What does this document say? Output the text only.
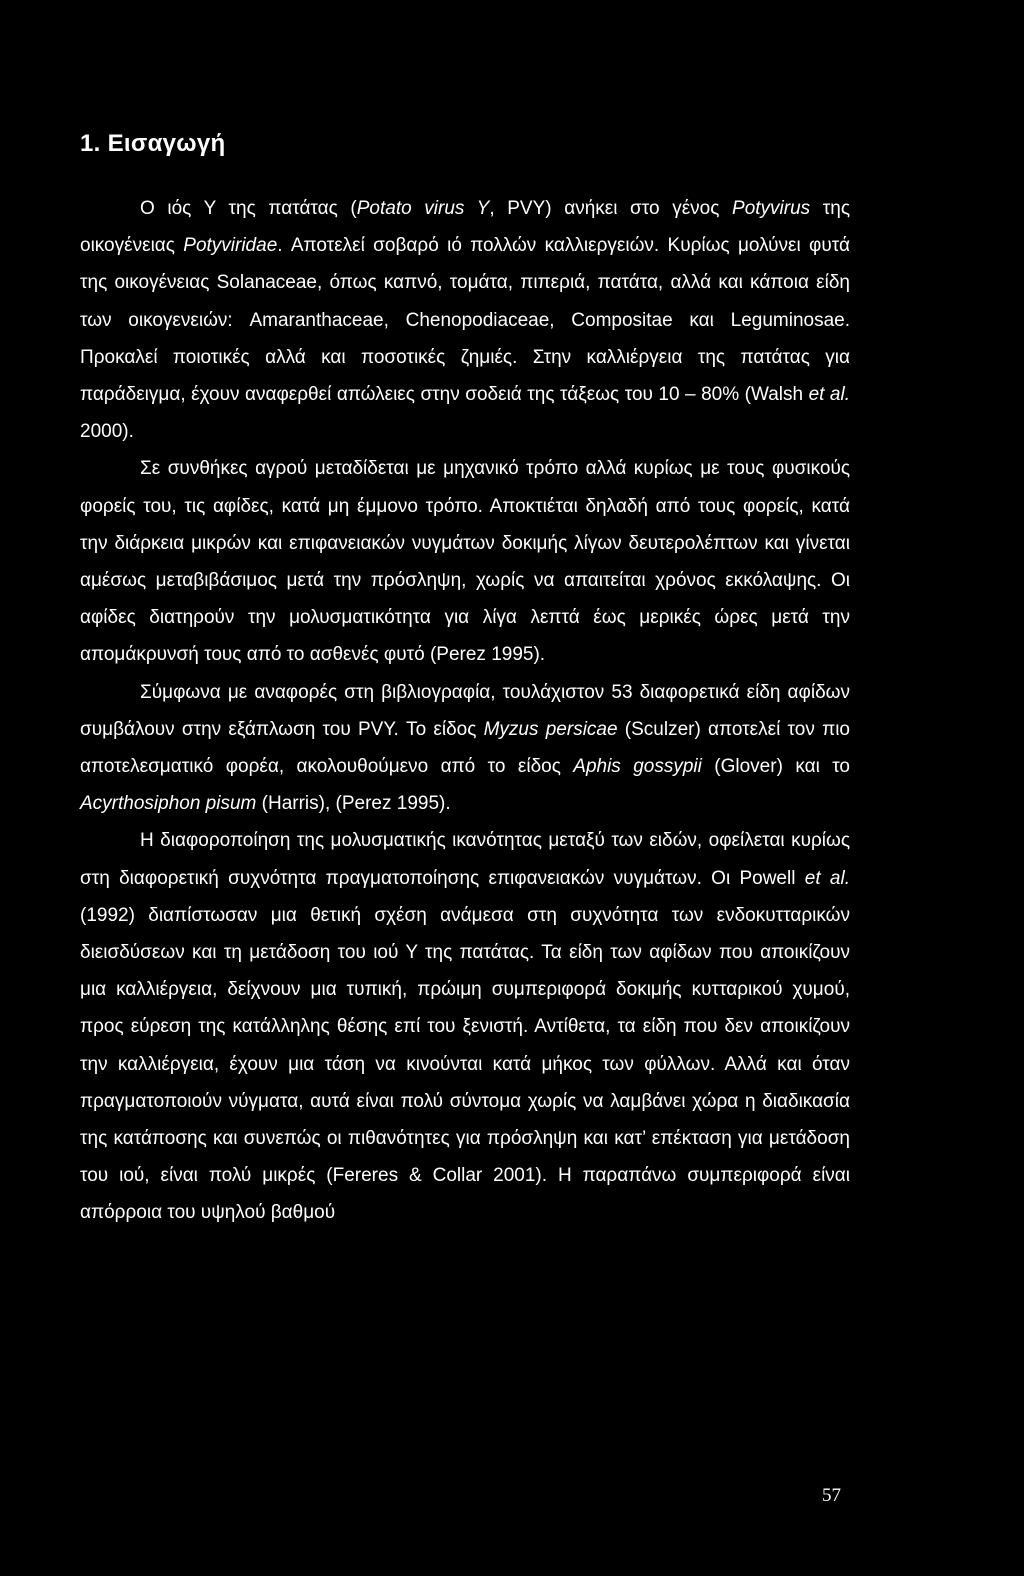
1. Εισαγωγή

Ο ιός Υ της πατάτας (Potato virus Y, PVY) ανήκει στο γένος Potyvirus της οικογένειας Potyviridae. Αποτελεί σοβαρό ιό πολλών καλλιεργειών. Κυρίως μολύνει φυτά της οικογένειας Solanaceae, όπως καπνό, τομάτα, πιπεριά, πατάτα, αλλά και κάποια είδη των οικογενειών: Amaranthaceae, Chenopodiaceae, Compositae και Leguminosae. Προκαλεί ποιοτικές αλλά και ποσοτικές ζημιές. Στην καλλιέργεια της πατάτας για παράδειγμα, έχουν αναφερθεί απώλειες στην σοδειά της τάξεως του 10 – 80% (Walsh et al. 2000).

Σε συνθήκες αγρού μεταδίδεται με μηχανικό τρόπο αλλά κυρίως με τους φυσικούς φορείς του, τις αφίδες, κατά μη έμμονο τρόπο. Αποκτιέται δηλαδή από τους φορείς, κατά την διάρκεια μικρών και επιφανειακών νυγμάτων δοκιμής λίγων δευτερολέπτων και γίνεται αμέσως μεταβιβάσιμος μετά την πρόσληψη, χωρίς να απαιτείται χρόνος εκκόλαψης. Οι αφίδες διατηρούν την μολυσματικότητα για λίγα λεπτά έως μερικές ώρες μετά την απομάκρυνσή τους από το ασθενές φυτό (Perez 1995).

Σύμφωνα με αναφορές στη βιβλιογραφία, τουλάχιστον 53 διαφορετικά είδη αφίδων συμβάλουν στην εξάπλωση του PVY. Το είδος Myzus persicae (Sculzer) αποτελεί τον πιο αποτελεσματικό φορέα, ακολουθούμενο από το είδος Aphis gossypii (Glover) και το Acyrthosiphon pisum (Harris), (Perez 1995).

Η διαφοροποίηση της μολυσματικής ικανότητας μεταξύ των ειδών, οφείλεται κυρίως στη διαφορετική συχνότητα πραγματοποίησης επιφανειακών νυγμάτων. Οι Powell et al. (1992) διαπίστωσαν μια θετική σχέση ανάμεσα στη συχνότητα των ενδοκυτταρικών διεισδύσεων και τη μετάδοση του ιού Υ της πατάτας. Τα είδη των αφίδων που αποικίζουν μια καλλιέργεια, δείχνουν μια τυπική, πρώιμη συμπεριφορά δοκιμής κυτταρικού χυμού, προς εύρεση της κατάλληλης θέσης επί του ξενιστή. Αντίθετα, τα είδη που δεν αποικίζουν την καλλιέργεια, έχουν μια τάση να κινούνται κατά μήκος των φύλλων. Αλλά και όταν πραγματοποιούν νύγματα, αυτά είναι πολύ σύντομα χωρίς να λαμβάνει χώρα η διαδικασία της κατάποσης και συνεπώς οι πιθανότητες για πρόσληψη και κατ’ επέκταση για μετάδοση του ιού, είναι πολύ μικρές (Fereres & Collar 2001). Η παραπάνω συμπεριφορά είναι απόρροια του υψηλού βαθμού

57
